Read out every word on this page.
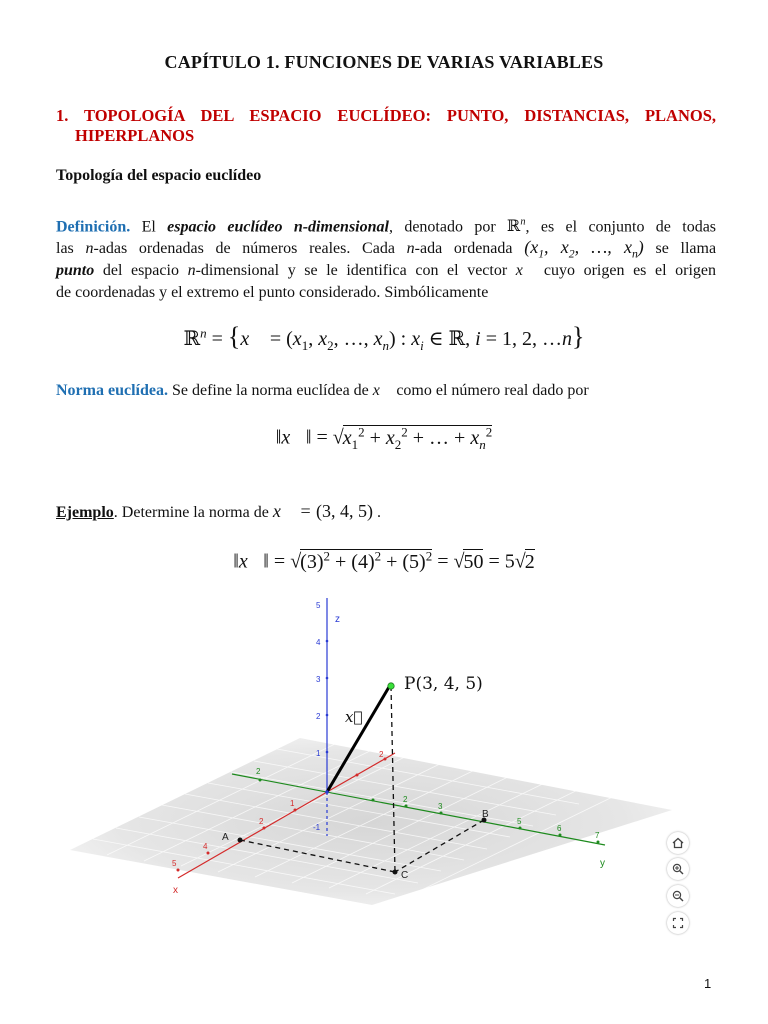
CAPÍTULO 1. FUNCIONES DE VARIAS VARIABLES
1. TOPOLOGÍA DEL ESPACIO EUCLÍDEO: PUNTO, DISTANCIAS, PLANOS,
HIPERPLANOS
Topología del espacio euclídeo
Definición. El espacio euclídeo n-dimensional, denotado por ℝ$^n$, es el conjunto de todas
las n-adas ordenadas de números reales. Cada n-ada ordenada ($x_1$, $x_2$, …, $x_n$) se llama
punto del espacio n-dimensional y se le identifica con el vector x⃗ cuyo origen es el origen
de coordenadas y el extremo el punto considerado. Simbólicamente
ℝ$^n$ = {x⃗ = ($x_1$, $x_2$, …, $x_n$) : $x_i$ ∈ ℝ, i = 1, 2, …n}
Norma euclídea. Se define la norma euclídea de x⃗ como el número real dado por
‖x⃗‖ = $√x_1^2 + x_2^2$ + … + $x_n^2$
Ejemplo. Determine la norma de x⃗ = (3, 4, 5) .
‖x⃗‖ = $√(3)^2 + (4)^2 + (5)^2 = √50 = 5√2$
1
2
4
5
2
2
2
3
5
6
7
5
4
3
2
1
-1
z
x
y
P(3, 4, 5)
x⃗
A
B
C
1
